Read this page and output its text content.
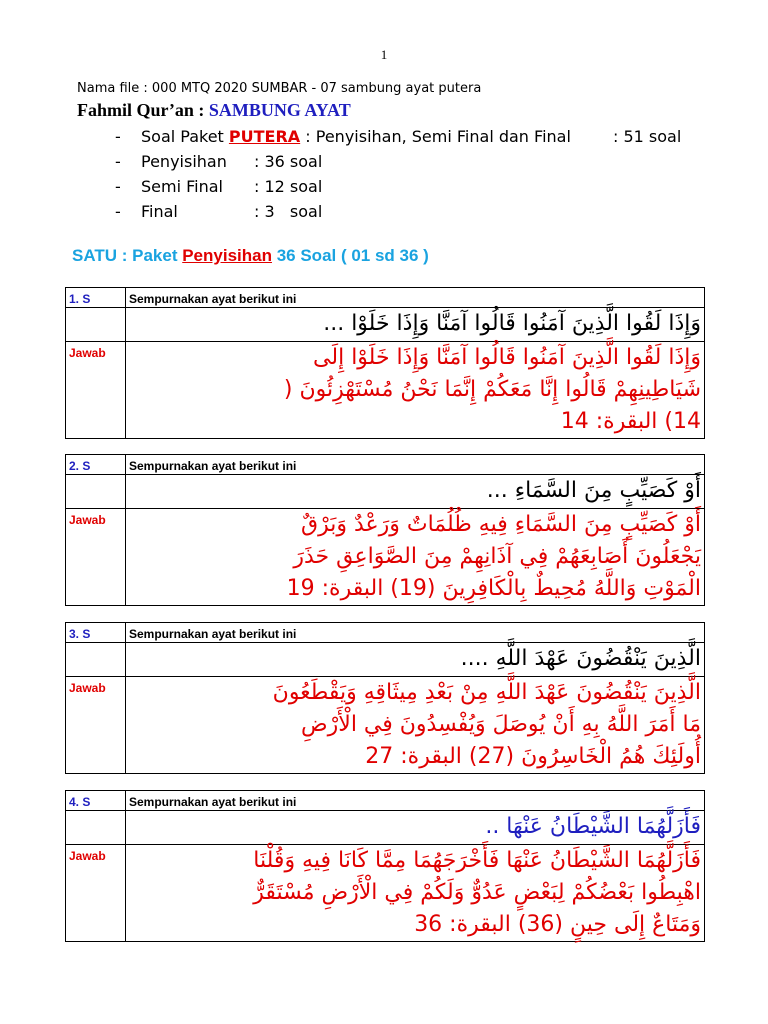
1
Nama file : 000 MTQ 2020 SUMBAR - 07 sambung ayat putera
Fahmil Qur’an : SAMBUNG AYAT
- Soal Paket PUTERA : Penyisihan, Semi Final dan Final	: 51 soal
- Penyisihan : 36 soal
- Semi Final : 12 soal
- Final	: 3   soal
SATU : Paket Penyisihan 36 Soal ( 01 sd 36 )
1. S	Sempurnakan ayat berikut ini
	وَإِذَا لَقُوا الَّذِينَ آمَنُوا قَالُوا آمَنَّا وَإِذَا خَلَوْا ...
Jawab	وَإِذَا لَقُوا الَّذِينَ آمَنُوا قَالُوا آمَنَّا وَإِذَا خَلَوْا إِلَى
شَيَاطِينِهِمْ قَالُوا إِنَّا مَعَكُمْ إِنَّمَا نَحْنُ مُسْتَهْزِئُونَ (
14) البقرة: 14
2. S	Sempurnakan ayat berikut ini
	أَوْ كَصَيِّبٍ مِنَ السَّمَاءِ ...
Jawab	أَوْ كَصَيِّبٍ مِنَ السَّمَاءِ فِيهِ ظُلُمَاتٌ وَرَعْدٌ وَبَرْقٌ
يَجْعَلُونَ أَصَابِعَهُمْ فِي آذَانِهِمْ مِنَ الصَّوَاعِقِ حَذَرَ
الْمَوْتِ وَاللَّهُ مُحِيطٌ بِالْكَافِرِينَ (19) البقرة: 19
3. S	Sempurnakan ayat berikut ini
	الَّذِينَ يَنْقُضُونَ عَهْدَ اللَّهِ ....
Jawab	الَّذِينَ يَنْقُضُونَ عَهْدَ اللَّهِ مِنْ بَعْدِ مِيثَاقِهِ وَيَقْطَعُونَ
مَا أَمَرَ اللَّهُ بِهِ أَنْ يُوصَلَ وَيُفْسِدُونَ فِي الْأَرْضِ
أُولَئِكَ هُمُ الْخَاسِرُونَ (27) البقرة: 27
4. S	Sempurnakan ayat berikut ini
	فَأَزَلَّهُمَا الشَّيْطَانُ عَنْهَا ..
Jawab	فَأَزَلَّهُمَا الشَّيْطَانُ عَنْهَا فَأَخْرَجَهُمَا مِمَّا كَانَا فِيهِ وَقُلْنَا
اهْبِطُوا بَعْضُكُمْ لِبَعْضٍ عَدُوٌّ وَلَكُمْ فِي الْأَرْضِ مُسْتَقَرٌّ
وَمَتَاعٌ إِلَى حِينٍ (36) البقرة: 36
